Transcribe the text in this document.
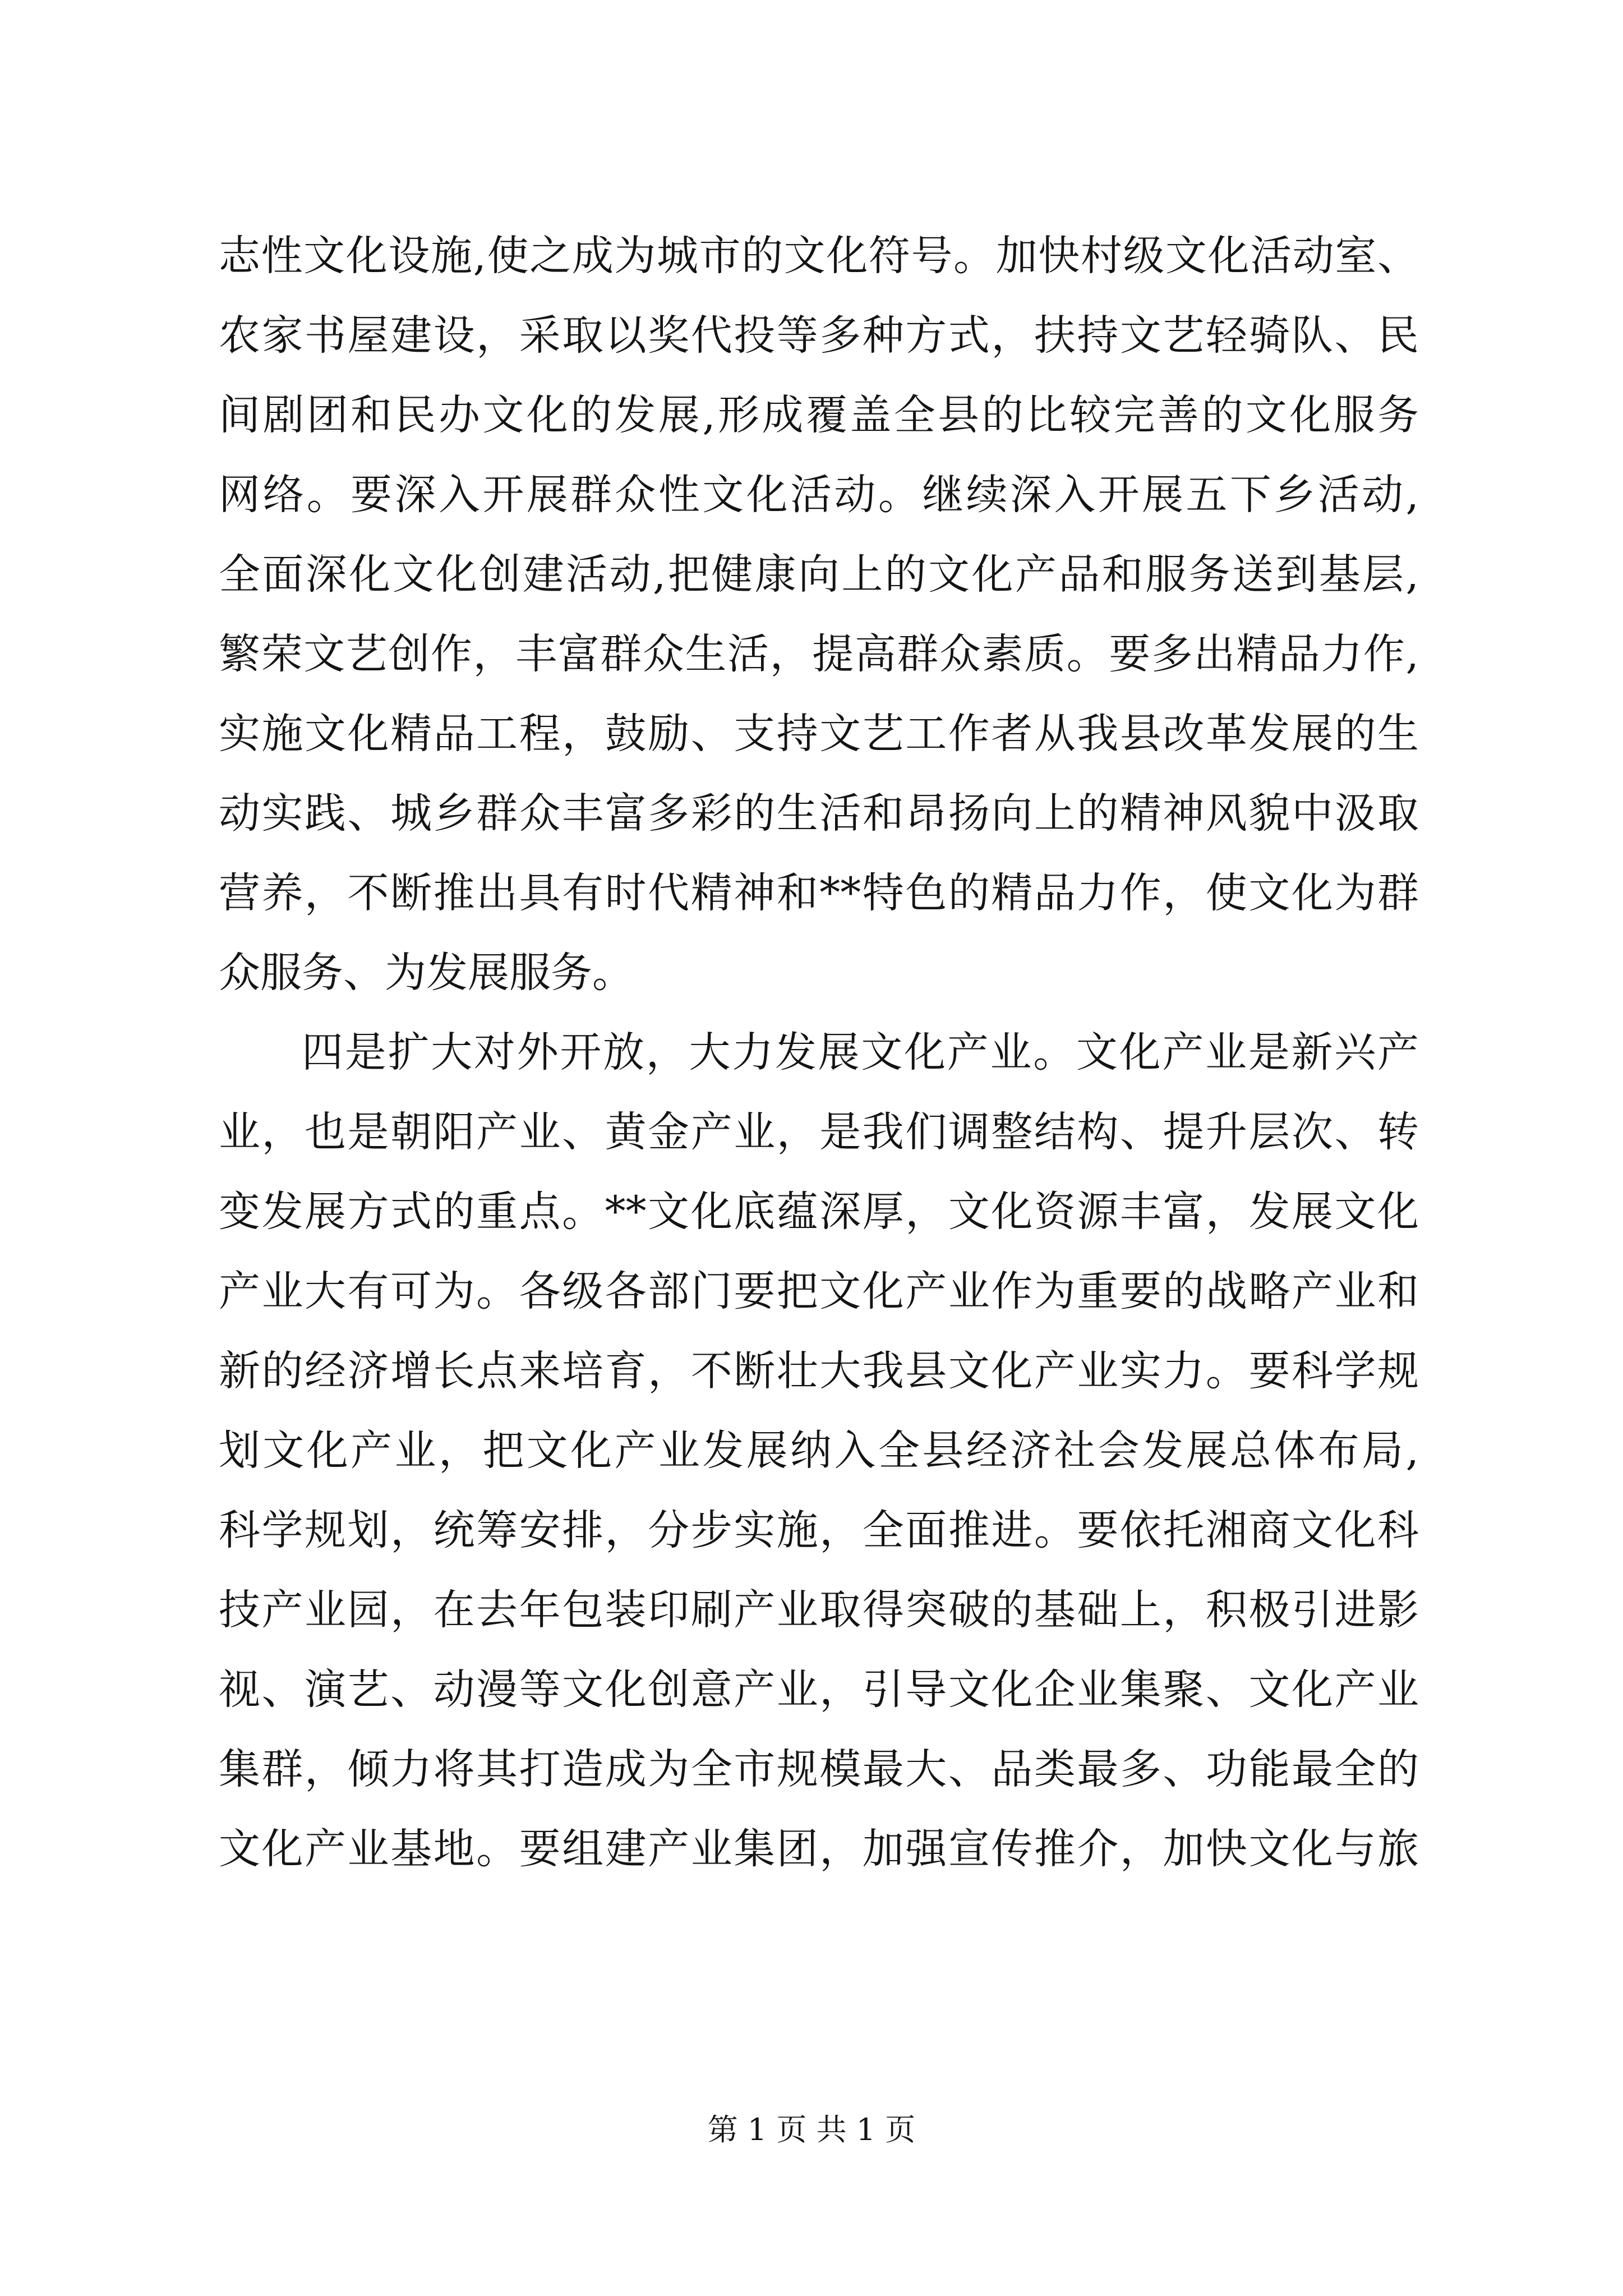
志性文化设施,使之成为城市的文化符号。加快村级文化活动室、
农家书屋建设，采取以奖代投等多种方式，扶持文艺轻骑队、民
间剧团和民办文化的发展,形成覆盖全县的比较完善的文化服务
网络。要深入开展群众性文化活动。继续深入开展五下乡活动,
全面深化文化创建活动,把健康向上的文化产品和服务送到基层,
繁荣文艺创作，丰富群众生活，提高群众素质。要多出精品力作,
实施文化精品工程，鼓励、支持文艺工作者从我县改革发展的生
动实践、城乡群众丰富多彩的生活和昂扬向上的精神风貌中汲取
营养，不断推出具有时代精神和**特色的精品力作，使文化为群
众服务、为发展服务。
四是扩大对外开放，大力发展文化产业。文化产业是新兴产
业，也是朝阳产业、黄金产业，是我们调整结构、提升层次、转
变发展方式的重点。**文化底蕴深厚，文化资源丰富，发展文化
产业大有可为。各级各部门要把文化产业作为重要的战略产业和
新的经济增长点来培育，不断壮大我县文化产业实力。要科学规
划文化产业，把文化产业发展纳入全县经济社会发展总体布局,
科学规划，统筹安排，分步实施，全面推进。要依托湘商文化科
技产业园，在去年包装印刷产业取得突破的基础上，积极引进影
视、演艺、动漫等文化创意产业，引导文化企业集聚、文化产业
集群，倾力将其打造成为全市规模最大、品类最多、功能最全的
文化产业基地。要组建产业集团，加强宣传推介，加快文化与旅
第 1 页 共 1 页
